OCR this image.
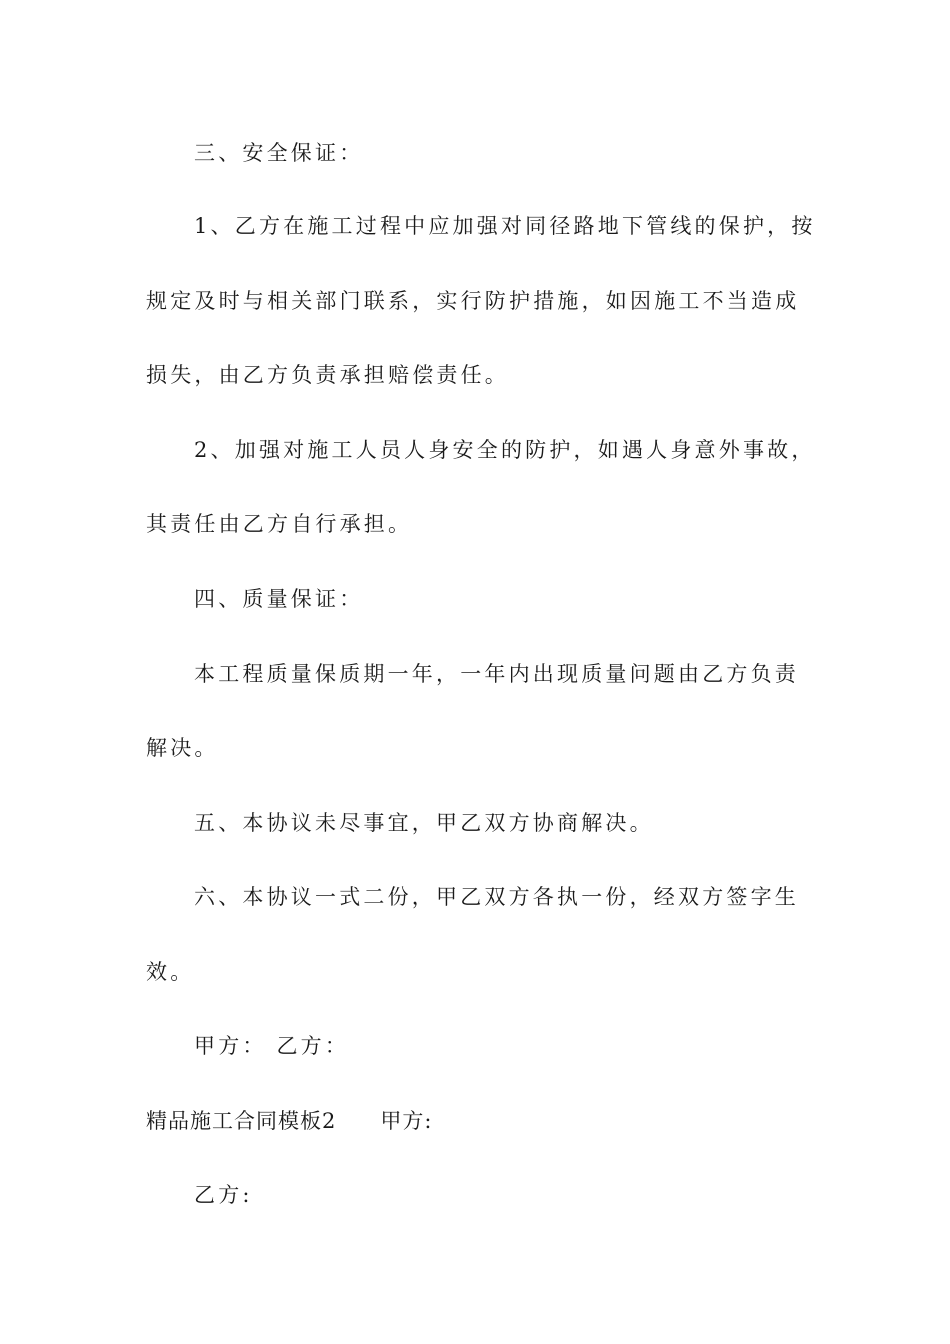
三、安全保证：
1、乙方在施工过程中应加强对同径路地下管线的保护，按
规定及时与相关部门联系，实行防护措施，如因施工不当造成
损失，由乙方负责承担赔偿责任。
2、加强对施工人员人身安全的防护，如遇人身意外事故，
其责任由乙方自行承担。
四、质量保证：
本工程质量保质期一年，一年内出现质量问题由乙方负责
解决。
五、本协议未尽事宜，甲乙双方协商解决。
六、本协议一式二份，甲乙双方各执一份，经双方签字生
效。
甲方： 乙方：
精品施工合同模板2 甲方:
乙方:
